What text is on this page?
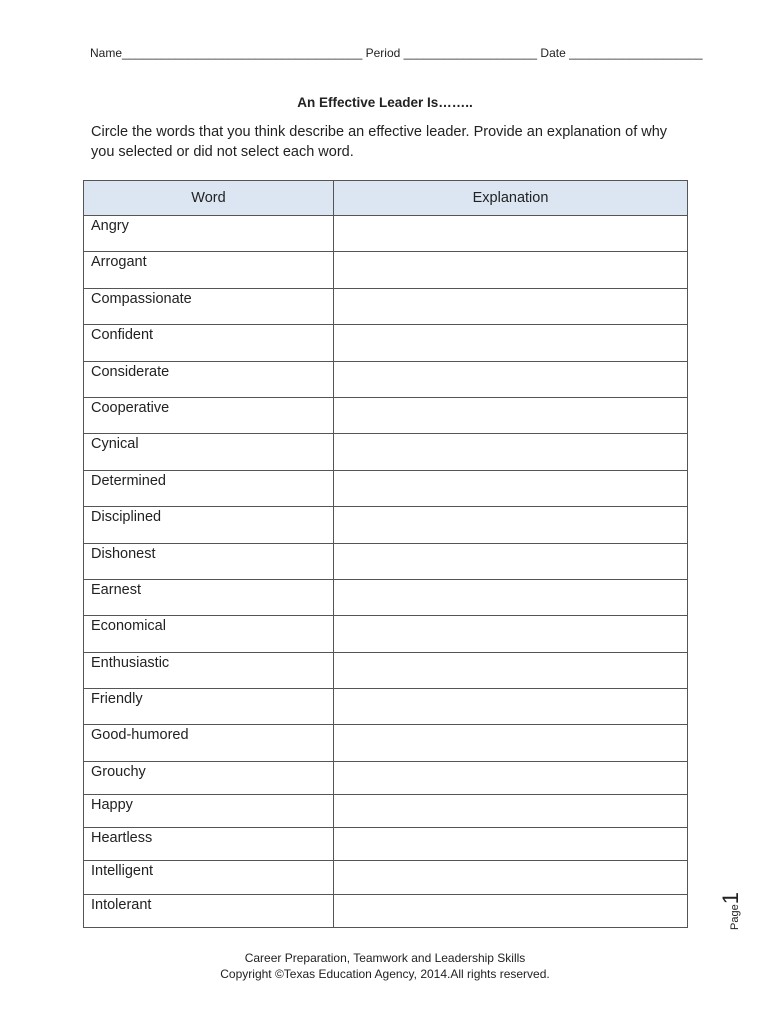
Name____________________________________ Period ____________________ Date ____________________
An Effective Leader Is……..
Circle the words that you think describe an effective leader. Provide an explanation of why you selected or did not select each word.
Word	Explanation
Angry	
Arrogant	
Compassionate	
Confident	
Considerate	
Cooperative	
Cynical	
Determined	
Disciplined	
Dishonest	
Earnest	
Economical	
Enthusiastic	
Friendly	
Good-humored	
Grouchy	
Happy	
Heartless	
Intelligent	
Intolerant		Page1
Career Preparation, Teamwork and Leadership Skills
Copyright ©Texas Education Agency, 2014.All rights reserved.
